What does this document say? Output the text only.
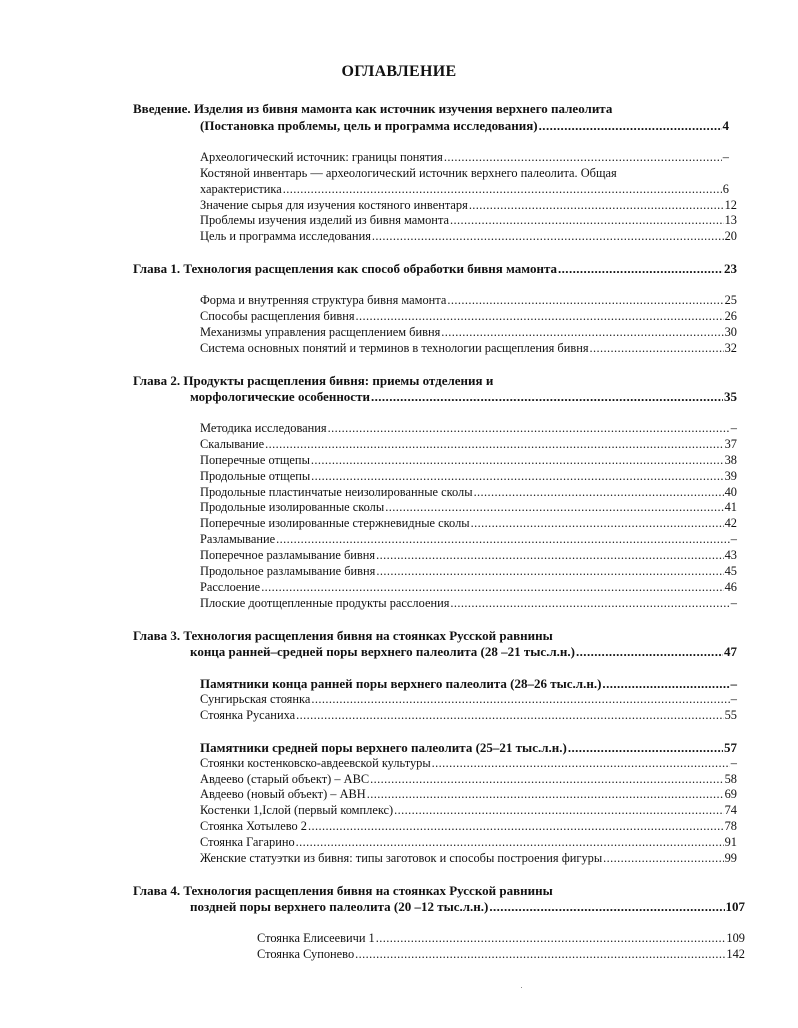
ОГЛАВЛЕНИЕ
Введение. Изделия из бивня мамонта как источник изучения верхнего палеолита
(Постановка проблемы, цель и программа исследования) .....	4
Археологический источник: границы понятия .....	–
Костяной инвентарь — археологический источник верхнего палеолита. Общая
характеристика .....	6
Значение сырья для изучения костяного инвентаря .....	12
Проблемы изучения изделий из бивня мамонта .....	13
Цель и программа исследования .....	20
Глава 1. Технология расщепления как способ обработки бивня мамонта .....	23
Форма и внутренняя структура бивня мамонта .....	25
Способы расщепления бивня .....	26
Механизмы управления расщеплением бивня .....	30
Система основных понятий и терминов в технологии расщепления бивня .....	32
Глава 2. Продукты расщепления бивня: приемы отделения и
морфологические особенности .....	35
Методика исследования .....	–
Скалывание .....	37
Поперечные отщепы .....	38
Продольные отщепы .....	39
Продольные пластинчатые неизолированные сколы .....	40
Продольные изолированные сколы .....	41
Поперечные изолированные стержневидные сколы .....	42
Разламывание .....	–
Поперечное разламывание бивня .....	43
Продольное разламывание бивня .....	45
Расслоение .....	46
Плоские доотщепленные продукты расслоения .....	–
Глава 3. Технология расщепления бивня на стоянках Русской равнины
конца ранней–средней поры верхнего палеолита (28 –21 тыс.л.н.) .....	47
Памятники конца ранней поры верхнего палеолита (28–26 тыс.л.н.) .....	–
Сунгирьская стоянка .....	–
Стоянка Русаниха .....	55
Памятники средней поры верхнего палеолита (25–21 тыс.л.н.) .....	57
Стоянки костенковско-авдеевской культуры .....	–
Авдеево (старый объект) – АВС .....	58
Авдеево (новый объект) – АВН .....	69
Костенки 1,Iслой (первый комплекс) .....	74
Стоянка Хотылево 2 .....	78
Стоянка Гагарино .....	91
Женские статуэтки из бивня: типы заготовок и способы построения фигуры .....	99
Глава 4. Технология расщепления бивня на стоянках Русской равнины
поздней поры верхнего палеолита (20 –12 тыс.л.н.) .....	107
Стоянка Елисеевичи 1 .....	109
Стоянка Супонево .....	142
